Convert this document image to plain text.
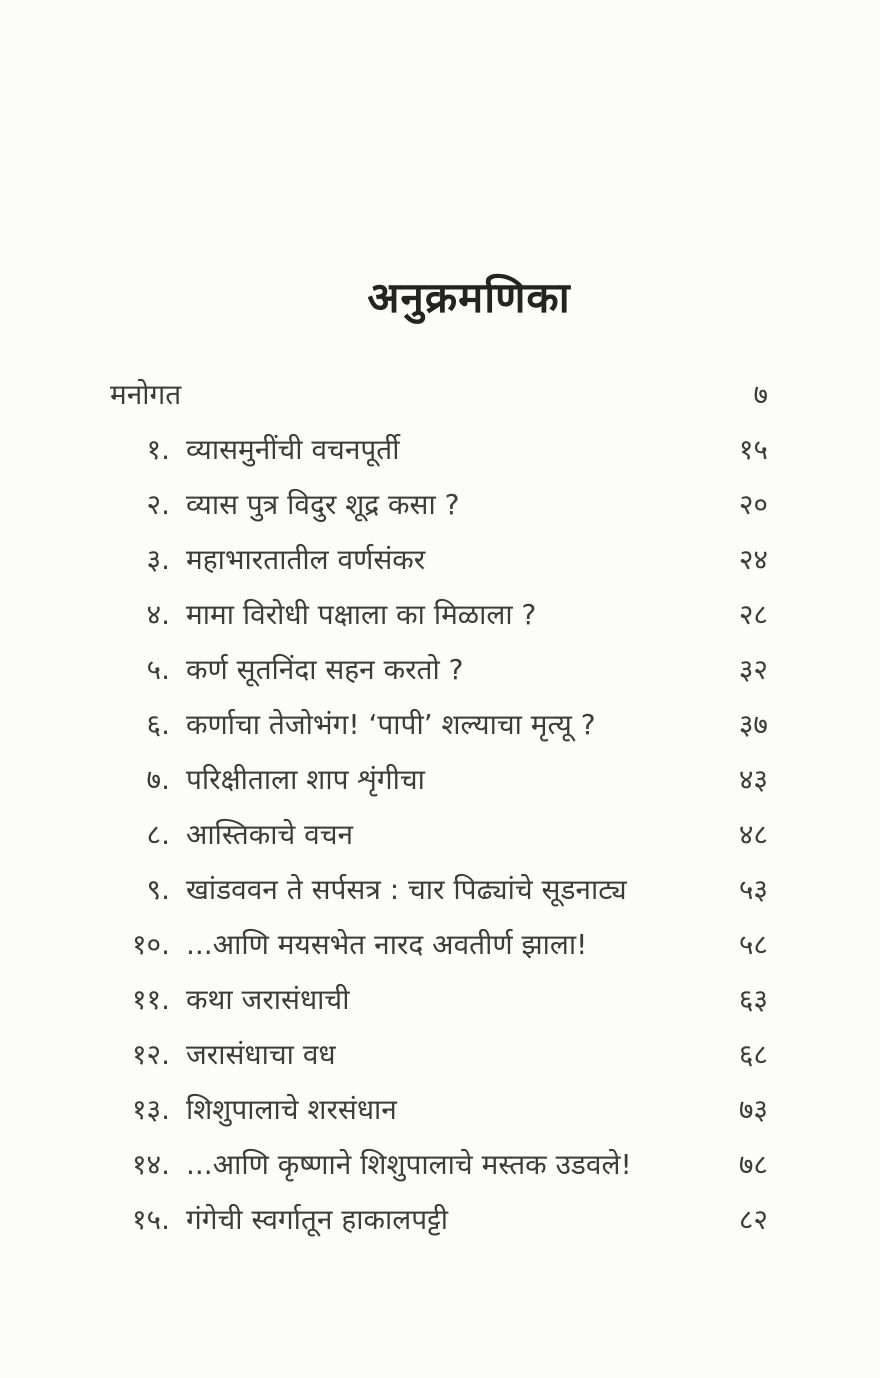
अनुक्रमणिका
मनोगत	७
१. व्यासमुनींची वचनपूर्ती	१५
२. व्यास पुत्र विदुर शूद्र कसा ?	२०
३. महाभारतातील वर्णसंकर	२४
४. मामा विरोधी पक्षाला का मिळाला ?	२८
५. कर्ण सूतनिंदा सहन करतो ?	३२
६. कर्णाचा तेजोभंग! ‘पापी’ शल्याचा मृत्यू ?	३७
७. परिक्षीताला शाप शृंगीचा	४३
८. आस्तिकाचे वचन	४८
९. खांडववन ते सर्पसत्र : चार पिढ्यांचे सूडनाट्य	५३
१०. ...आणि मयसभेत नारद अवतीर्ण झाला!	५८
११. कथा जरासंधाची	६३
१२. जरासंधाचा वध	६८
१३. शिशुपालाचे शरसंधान	७३
१४. ...आणि कृष्णाने शिशुपालाचे मस्तक उडवले!	७८
१५. गंगेची स्वर्गातून हाकालपट्टी	८२
